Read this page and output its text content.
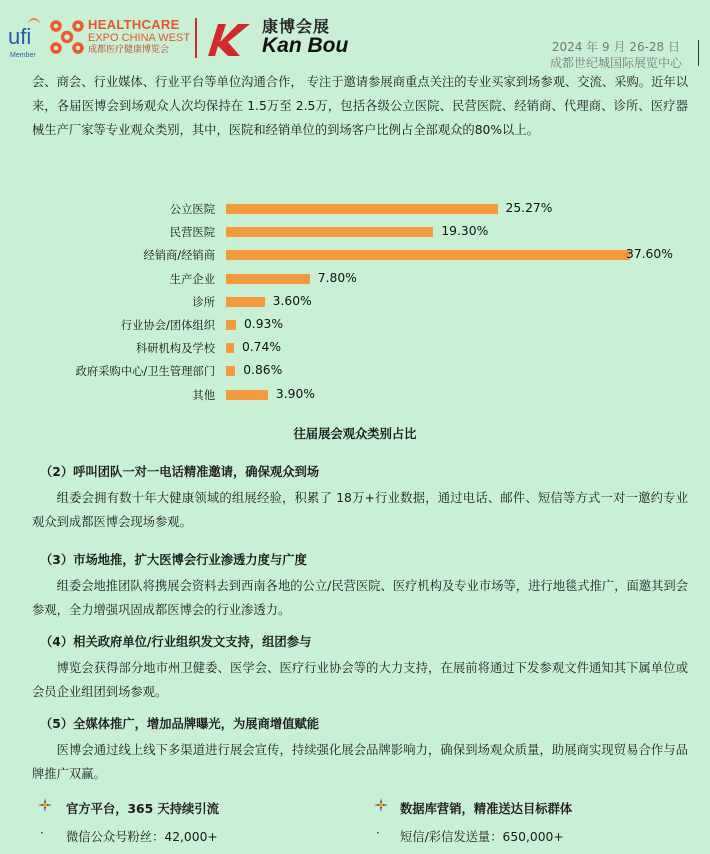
ufi
Member
HEALTHCARE
EXPO CHINA WEST
成都医疗健康博览会
康博会展
Kan Bou	2024 年 9 月 26-28 日
成都世纪城国际展览中心
会、商会、行业媒体、行业平台等单位沟通合作， 专注于邀请参展商重点关注的专业买家到场参观、交流、采购。近年以来，各届医博会到场观众人次均保持在 1.5万至 2.5万，包括各级公立医院、民营医院、经销商、代理商、诊所、医疗器械生产厂家等专业观众类别，其中，医院和经销单位的到场客户比例占全部观众的80%以上。
公立医院	25.27%
民营医院	19.30%
经销商/经销商	37.60%
生产企业	7.80%
诊所	3.60%
行业协会/团体组织 0.93%
科研机构及学校 0.74%
政府采购中心/卫生管理部门 0.86%
其他	3.90%
往届展会观众类别占比
（2）呼叫团队一对一电话精准邀请，确保观众到场
组委会拥有数十年大健康领域的组展经验，积累了 18万+行业数据，通过电话、邮件、短信等方式一对一邀约专业观众到成都医博会现场参观。
（3）市场地推，扩大医博会行业渗透力度与广度
组委会地推团队将携展会资料去到西南各地的公立/民营医院、医疗机构及专业市场等，进行地毯式推广，面邀其到会参观，全力增强巩固成都医博会的行业渗透力。
（4）相关政府单位/行业组织发文支持，组团参与
博览会获得部分地市州卫健委、医学会、医疗行业协会等的大力支持，在展前将通过下发参观文件通知其下属单位或会员企业组团到场参观。
（5）全媒体推广，增加品牌曝光，为展商增值赋能
医博会通过线上线下多渠道进行展会宣传，持续强化展会品牌影响力，确保到场观众质量，助展商实现贸易合作与品牌推广双赢。
官方平台，365 天持续引流
· 微信公众号粉丝：42,000+
数据库营销，精准送达目标群体
· 短信/彩信发送量：650,000+
